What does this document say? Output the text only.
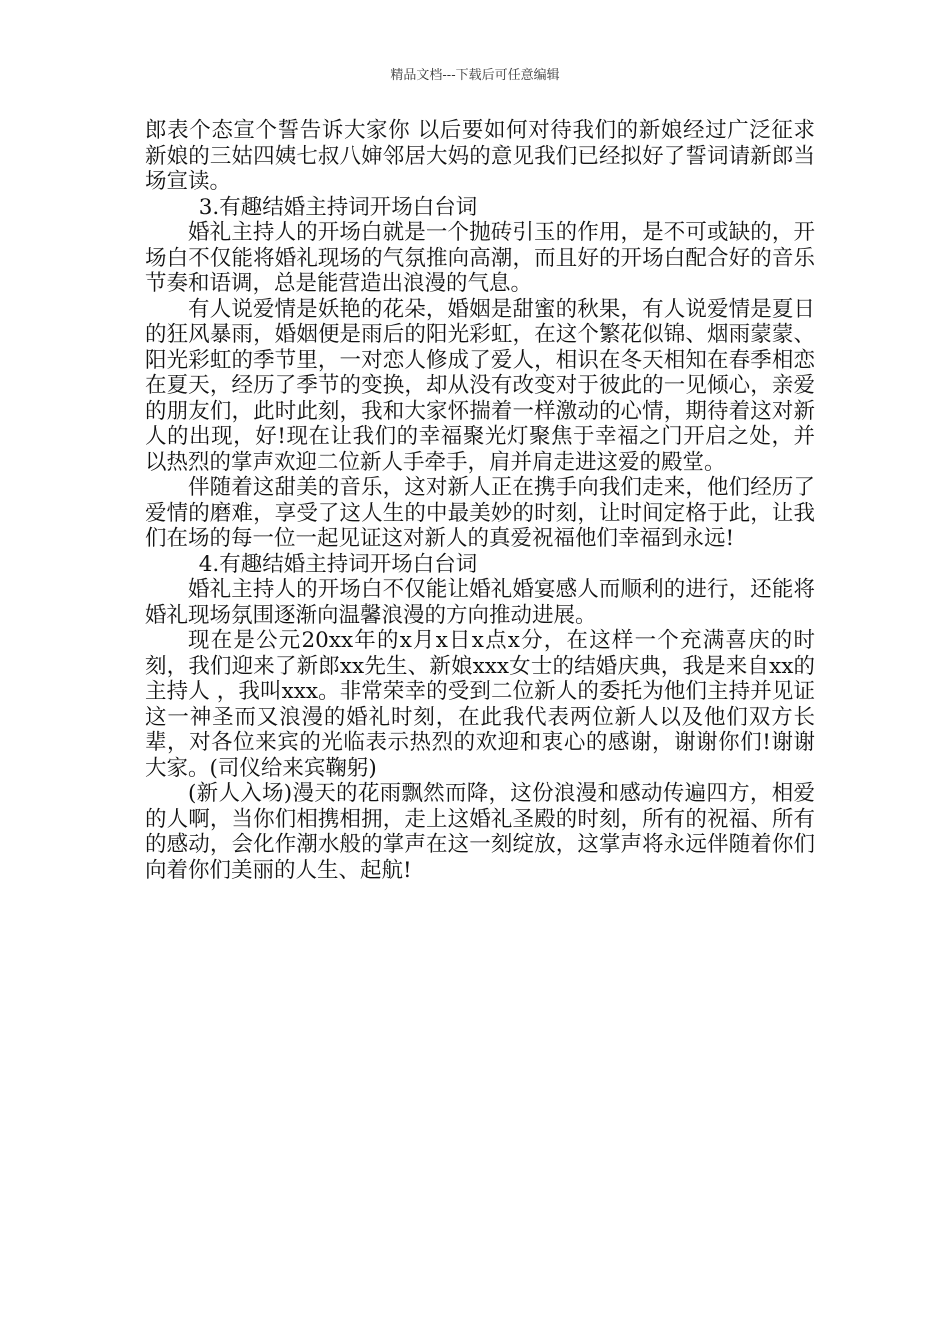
精品文档---下载后可任意编辑

郎表个态宣个誓告诉大家你 以后要如何对待我们的新娘经过广泛征求新娘的三姑四姨七叔八婶邻居大妈的意见我们已经拟好了誓词请新郎当场宣读。

3.有趣结婚主持词开场白台词

婚礼主持人的开场白就是一个抛砖引玉的作用，是不可或缺的，开场白不仅能将婚礼现场的气氛推向高潮，而且好的开场白配合好的音乐节奏和语调，总是能营造出浪漫的气息。

有人说爱情是妖艳的花朵，婚姻是甜蜜的秋果，有人说爱情是夏日的狂风暴雨，婚姻便是雨后的阳光彩虹，在这个繁花似锦、烟雨蒙蒙、阳光彩虹的季节里，一对恋人修成了爱人，相识在冬天相知在春季相恋在夏天，经历了季节的变换，却从没有改变对于彼此的一见倾心，亲爱的朋友们，此时此刻，我和大家怀揣着一样激动的心情，期待着这对新人的出现，好!现在让我们的幸福聚光灯聚焦于幸福之门开启之处，并以热烈的掌声欢迎二位新人手牵手，肩并肩走进这爱的殿堂。

伴随着这甜美的音乐，这对新人正在携手向我们走来，他们经历了爱情的磨难，享受了这人生的中最美妙的时刻，让时间定格于此，让我们在场的每一位一起见证这对新人的真爱祝福他们幸福到永远!

4.有趣结婚主持词开场白台词

婚礼主持人的开场白不仅能让婚礼婚宴感人而顺利的进行，还能将婚礼现场氛围逐渐向温馨浪漫的方向推动进展。

现在是公元20xx年的x月x日x点x分，在这样一个充满喜庆的时刻，我们迎来了新郎xx先生、新娘xxx女士的结婚庆典，我是来自xx的主持人 ，我叫xxx。非常荣幸的受到二位新人的委托为他们主持并见证这一神圣而又浪漫的婚礼时刻，在此我代表两位新人以及他们双方长辈，对各位来宾的光临表示热烈的欢迎和衷心的感谢，谢谢你们!谢谢大家。(司仪给来宾鞠躬)

(新人入场)漫天的花雨飘然而降，这份浪漫和感动传遍四方，相爱的人啊，当你们相携相拥，走上这婚礼圣殿的时刻，所有的祝福、所有的感动，会化作潮水般的掌声在这一刻绽放，这掌声将永远伴随着你们向着你们美丽的人生、起航!
